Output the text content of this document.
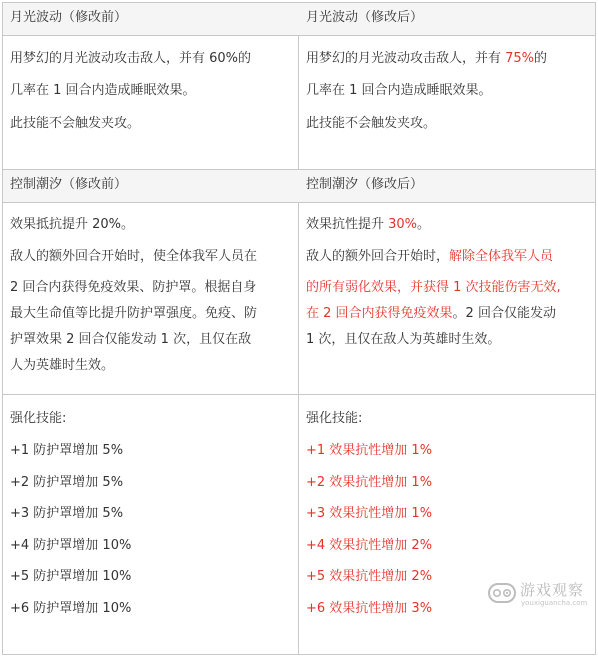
月光波动（修改前）	月光波动（修改后）
用梦幻的月光波动攻击敌人，并有 60%的
几率在 1 回合内造成睡眠效果。
此技能不会触发夹攻。
用梦幻的月光波动攻击敌人，并有 75%的
几率在 1 回合内造成睡眠效果。
此技能不会触发夹攻。
控制潮汐（修改前）	控制潮汐（修改后）
效果抵抗提升 20%。
敌人的额外回合开始时，使全体我军人员在
2 回合内获得免疫效果、防护罩。根据自身
最大生命值等比提升防护罩强度。免疫、防
护罩效果 2 回合仅能发动 1 次，且仅在敌
人为英雄时生效。
效果抗性提升 30%。
敌人的额外回合开始时，解除全体我军人员
的所有弱化效果，并获得 1 次技能伤害无效,
在 2 回合内获得免疫效果。2 回合仅能发动
1 次，且仅在敌人为英雄时生效。
强化技能:
+1 防护罩增加 5%
+2 防护罩增加 5%
+3 防护罩增加 5%
+4 防护罩增加 10%
+5 防护罩增加 10%
+6 防护罩增加 10%
强化技能:
+1 效果抗性增加 1%
+2 效果抗性增加 1%
+3 效果抗性增加 1%
+4 效果抗性增加 2%
+5 效果抗性增加 2%
+6 效果抗性增加 3%
游戏观察
youxiguancha.com
